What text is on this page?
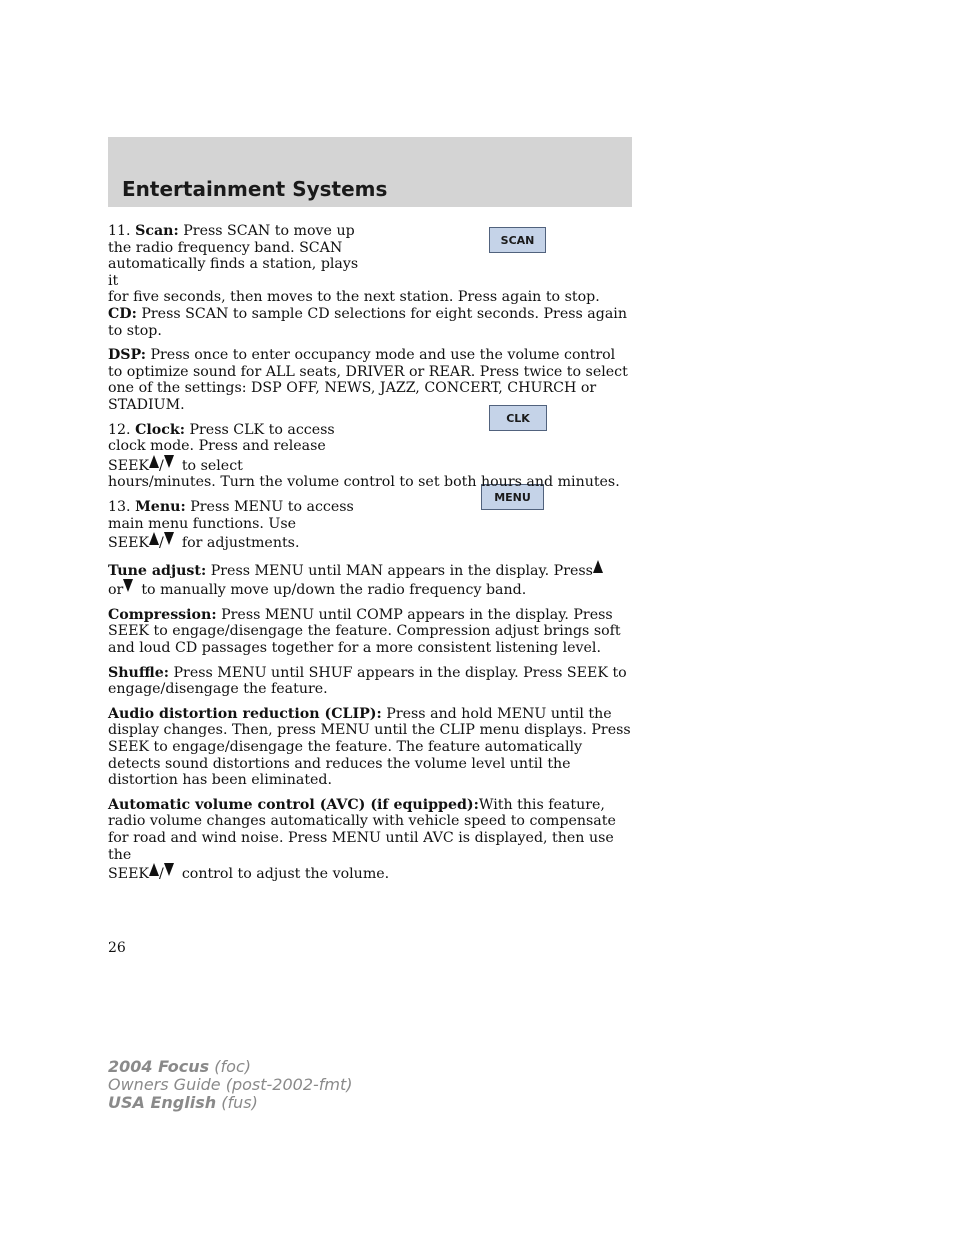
Entertainment Systems
SCAN
CLK
MENU

11. Scan: Press SCAN to move up the radio frequency band. SCAN automatically finds a station, plays it

for five seconds, then moves to the next station. Press again to stop.
CD: Press SCAN to sample CD selections for eight seconds. Press again to stop.

DSP: Press once to enter occupancy mode and use the volume control to optimize sound for ALL seats, DRIVER or REAR. Press twice to select one of the settings: DSP OFF, NEWS, JAZZ, CONCERT, CHURCH or STADIUM.

12. Clock: Press CLK to access clock mode. Press and release
SEEK / to select

hours/minutes. Turn the volume control to set both hours and minutes.

13. Menu: Press MENU to access main menu functions. Use
SEEK / for adjustments.

Tune adjust: Press MENU until MAN appears in the display. Press
or to manually move up/down the radio frequency band.

Compression: Press MENU until COMP appears in the display. Press SEEK to engage/disengage the feature. Compression adjust brings soft and loud CD passages together for a more consistent listening level.

Shuffle: Press MENU until SHUF appears in the display. Press SEEK to engage/disengage the feature.

Audio distortion reduction (CLIP): Press and hold MENU until the display changes. Then, press MENU until the CLIP menu displays. Press SEEK to engage/disengage the feature. The feature automatically detects sound distortions and reduces the volume level until the distortion has been eliminated.

Automatic volume control (AVC) (if equipped):With this feature, radio volume changes automatically with vehicle speed to compensate for road and wind noise. Press MENU until AVC is displayed, then use the
SEEK / control to adjust the volume.

26

2004 Focus (foc)
Owners Guide (post-2002-fmt)
USA English (fus)
